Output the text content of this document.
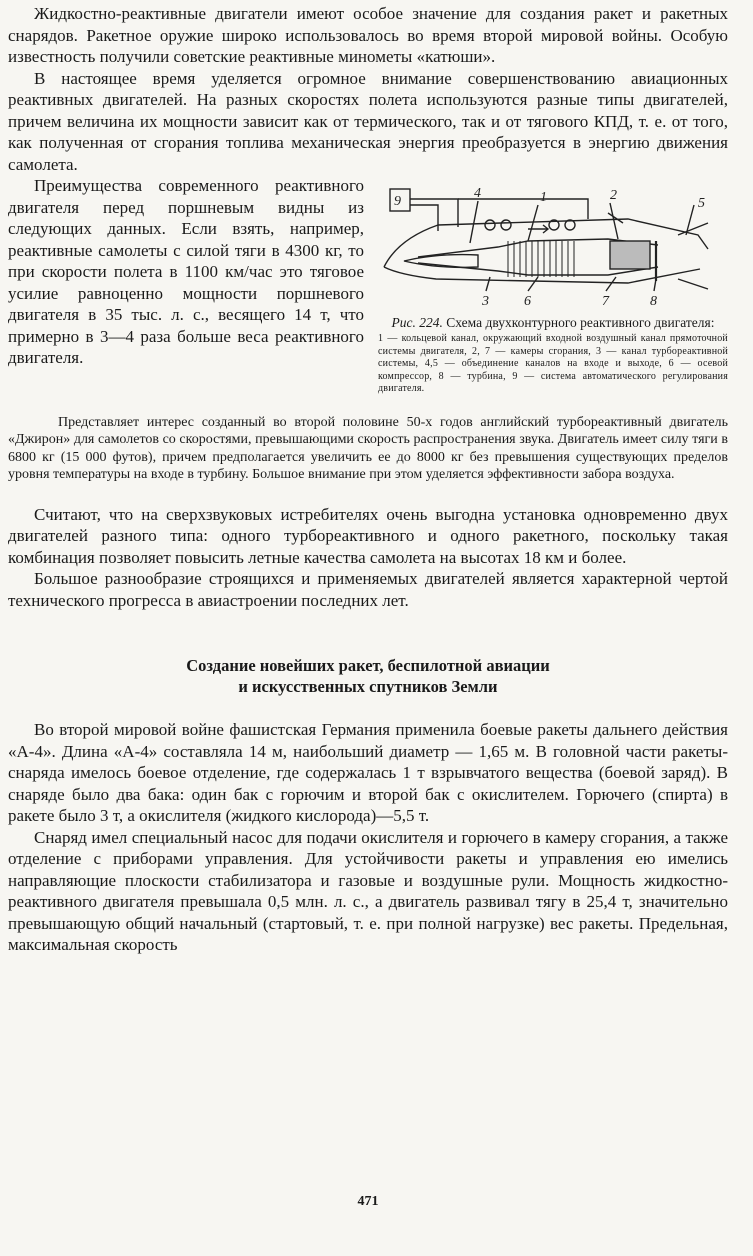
Жидкостно-реактивные двигатели имеют особое значение для создания ракет и ракетных снарядов. Ракетное оружие широко использовалось во время второй мировой войны. Особую известность получили советские реактивные минометы «катюши».

В настоящее время уделяется огромное внимание совершенствованию авиационных реактивных двигателей. На разных скоростях полета используются разные типы двигателей, причем величина их мощности зависит как от термического, так и от тягового КПД, т. е. от того, как полученная от сгорания топлива механическая энергия преобразуется в энергию движения самолета.

9
4	1	2
5
3	6	7	8

Рис. 224. Схема двухконтурного реактивного двигателя:

1 — кольцевой канал, окружающий входной воздушный канал прямоточной системы двигателя, 2, 7 — камеры сгорания, 3 — канал турбореактивной системы, 4,5 — объединение каналов на входе и выходе, 6 — осевой компрессор, 8 — турбина, 9 — система автоматического регулирования двигателя.

Преимущества современного реактивного двигателя перед поршневым видны из следующих данных. Если взять, например, реактивные самолеты с силой тяги в 4300 кг, то при скорости полета в 1100 км/час это тяговое усилие равноценно мощности поршневого двигателя в 35 тыс. л. с., весящего 14 т, что примерно в 3—4 раза больше веса реактивного двигателя.

Представляет интерес созданный во второй половине 50-х годов английский турбореактивный двигатель «Джирон» для самолетов со скоростями, превышающими скорость распространения звука. Двигатель имеет силу тяги в 6800 кг (15 000 футов), причем предполагается увеличить ее до 8000 кг без превышения существующих пределов уровня температуры на входе в турбину. Большое внимание при этом уделяется эффективности забора воздуха.

Считают, что на сверхзвуковых истребителях очень выгодна установка одновременно двух двигателей разного типа: одного турбореактивного и одного ракетного, поскольку такая комбинация позволяет повысить летные качества самолета на высотах 18 км и более.

Большое разнообразие строящихся и применяемых двигателей является характерной чертой технического прогресса в авиастроении последних лет.

Создание новейших ракет, беспилотной авиации

и искусственных спутников Земли

Во второй мировой войне фашистская Германия применила боевые ракеты дальнего действия «А-4». Длина «А-4» составляла 14 м, наибольший диаметр — 1,65 м. В головной части ракеты-снаряда имелось боевое отделение, где содержалась 1 т взрывчатого вещества (боевой заряд). В снаряде было два бака: один бак с горючим и второй бак с окислителем. Горючего (спирта) в ракете было 3 т, а окислителя (жидкого кислорода)—5,5 т.

Снаряд имел специальный насос для подачи окислителя и горючего в камеру сгорания, а также отделение с приборами управления. Для устойчивости ракеты и управления ею имелись направляющие плоскости стабилизатора и газовые и воздушные рули. Мощность жидкостно-реактивного двигателя превышала 0,5 млн. л. с., а двигатель развивал тягу в 25,4 т, значительно превышающую общий начальный (стартовый, т. е. при полной нагрузке) вес ракеты. Предельная, максимальная скорость

471
